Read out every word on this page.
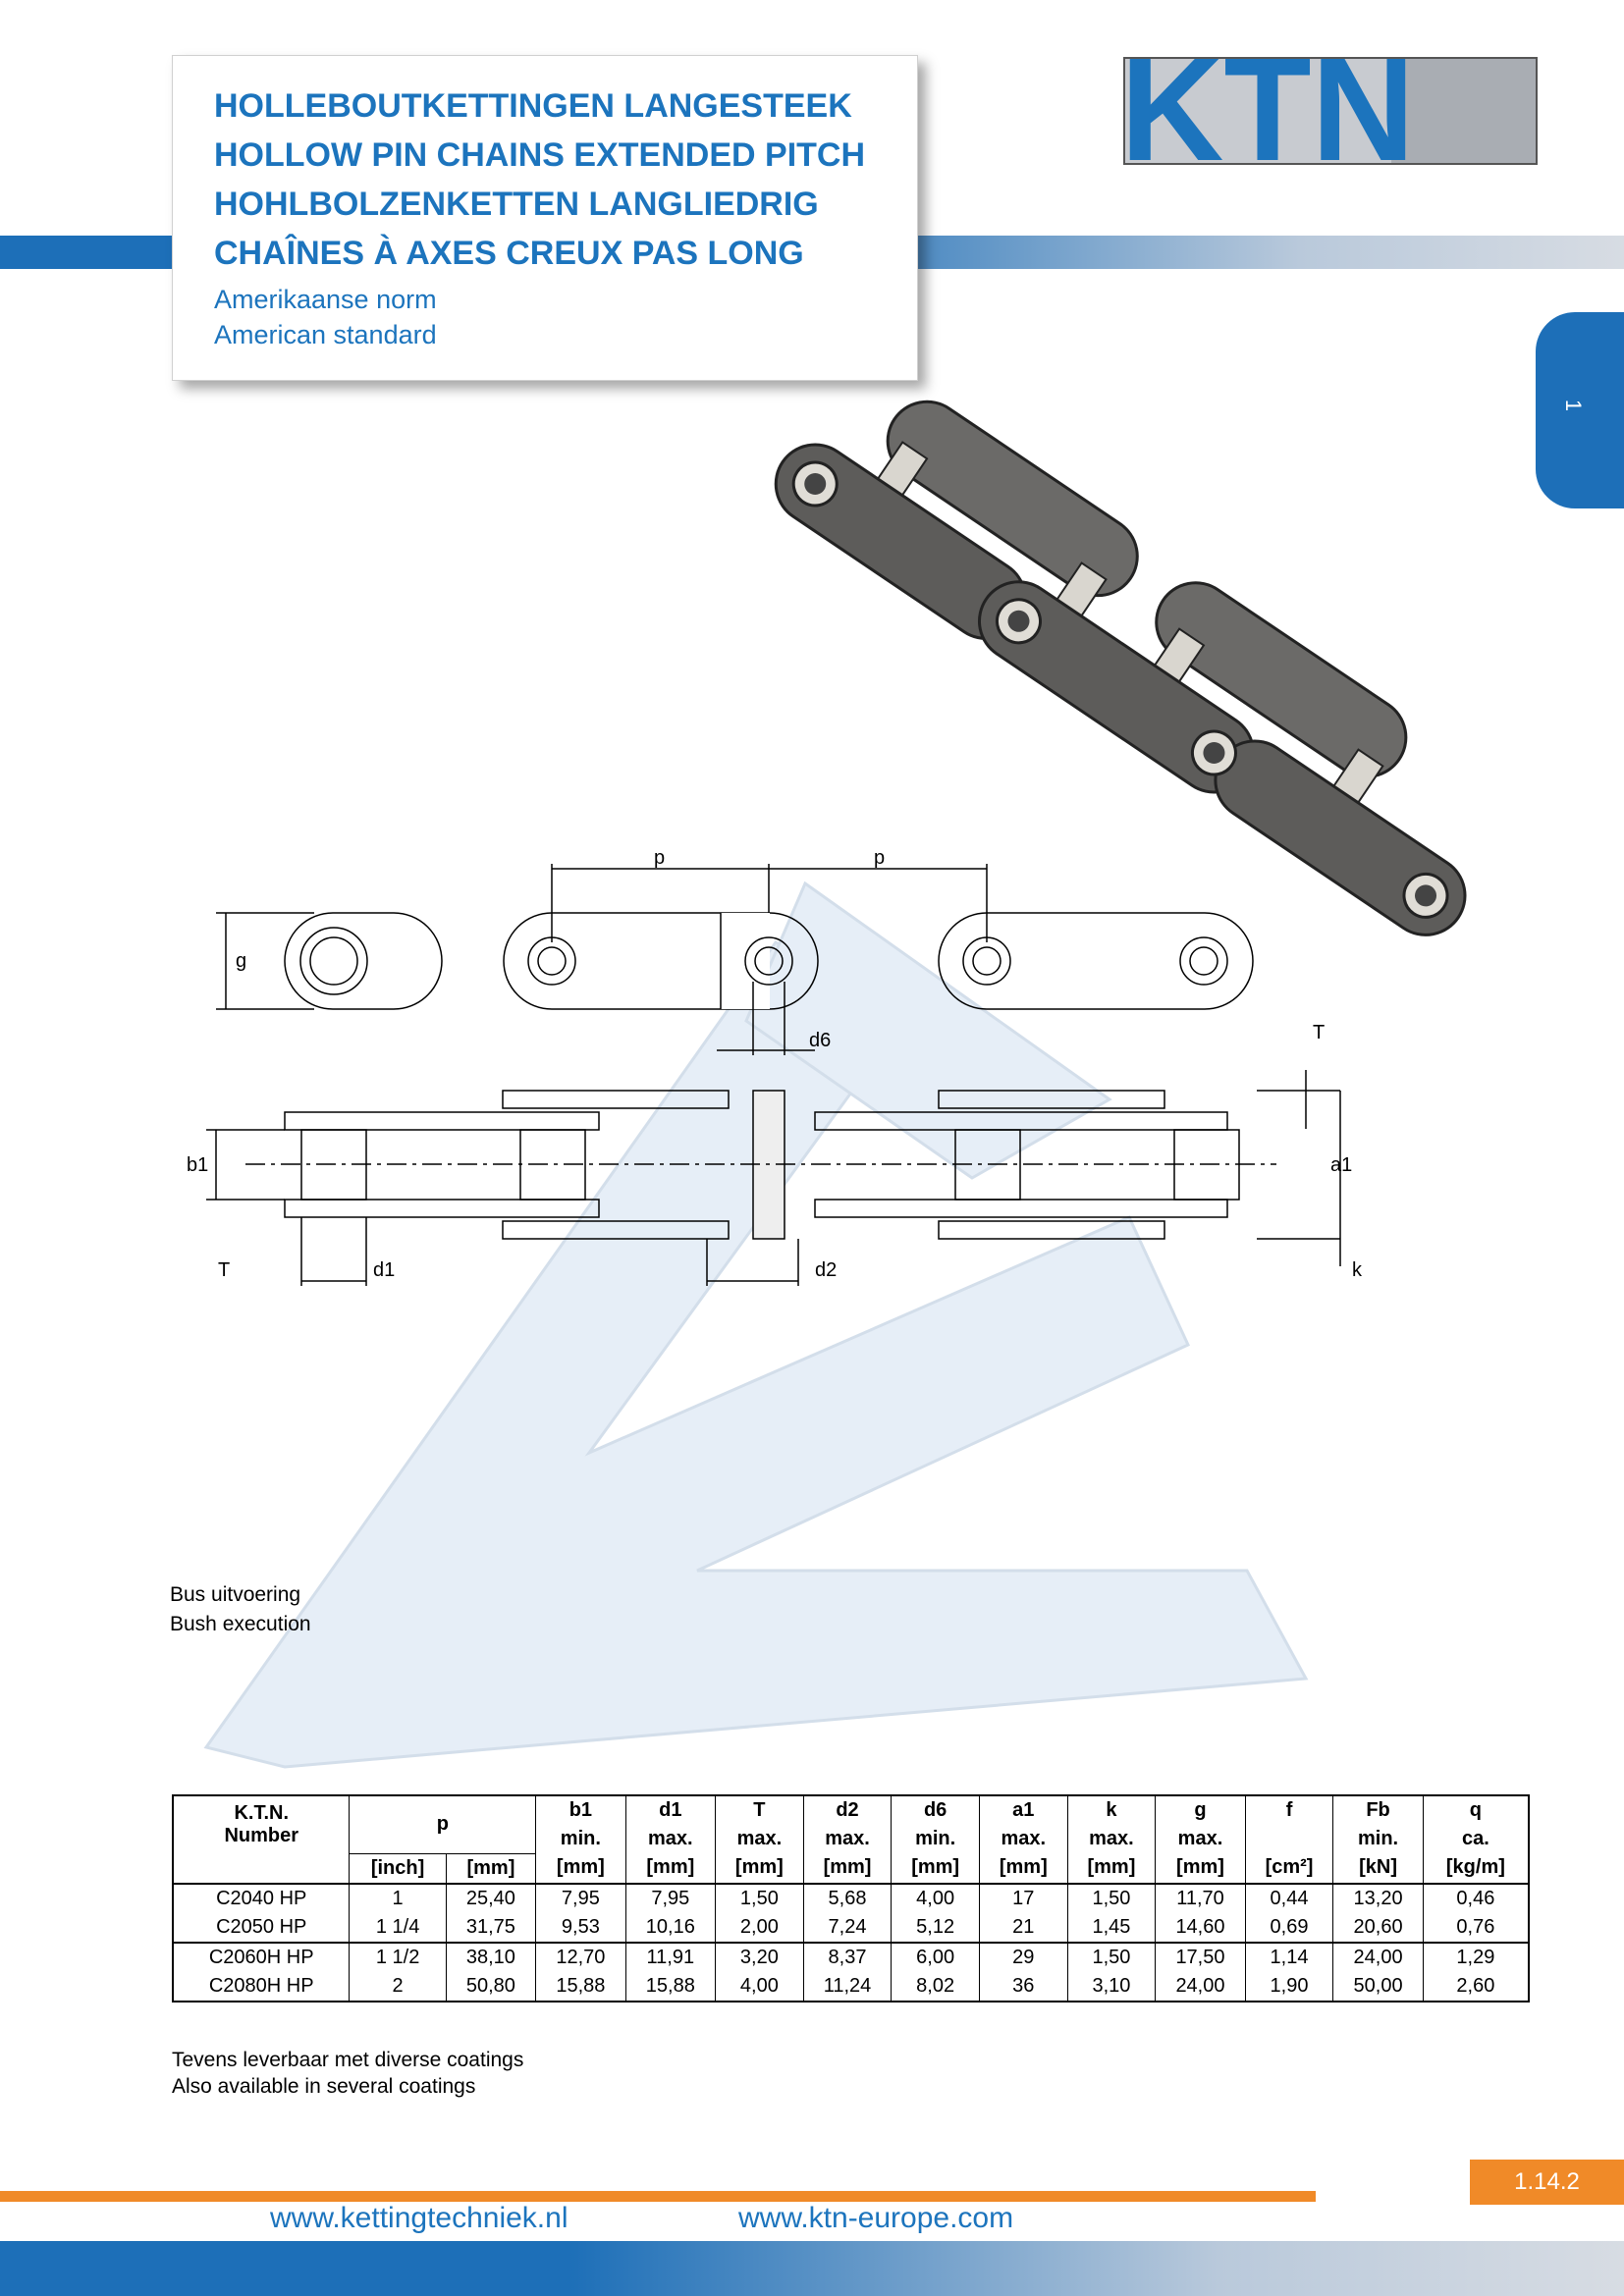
HOLLEBOUTKETTINGEN LANGESTEEK
HOLLOW PIN CHAINS EXTENDED PITCH
HOHLBOLZENKETTEN LANGLIEDRIG
CHAÎNES À AXES CREUX PAS LONG
Amerikaanse norm
American standard
KTN
1
p	p
g
d6	T
b1	a1
T	d1	d2	k
Bus uitvoering
Bush execution
K.T.N.
Number	p		b1	d1	T	d2	d6	a1	k	g	f	Fb	q
			min.	max.	max.	max.	min.	max.	max.	max.		min.	ca.
	[inch]	[mm]	[mm]	[mm]	[mm]	[mm]	[mm]	[mm]	[mm]	[mm]	[cm²]	[kN]	[kg/m]
C2040 HP	1	25,40	7,95	7,95	1,50	5,68	4,00	17	1,50	11,70	0,44	13,20	0,46
C2050 HP	1 1/4	31,75	9,53	10,16	2,00	7,24	5,12	21	1,45	14,60	0,69	20,60	0,76
C2060H HP	1 1/2	38,10	12,70	11,91	3,20	8,37	6,00	29	1,50	17,50	1,14	24,00	1,29
C2080H HP	2	50,80	15,88	15,88	4,00	11,24	8,02	36	3,10	24,00	1,90	50,00	2,60
Tevens leverbaar met diverse coatings
Also available in several coatings
1.14.2
www.kettingtechniek.nl	www.ktn-europe.com
